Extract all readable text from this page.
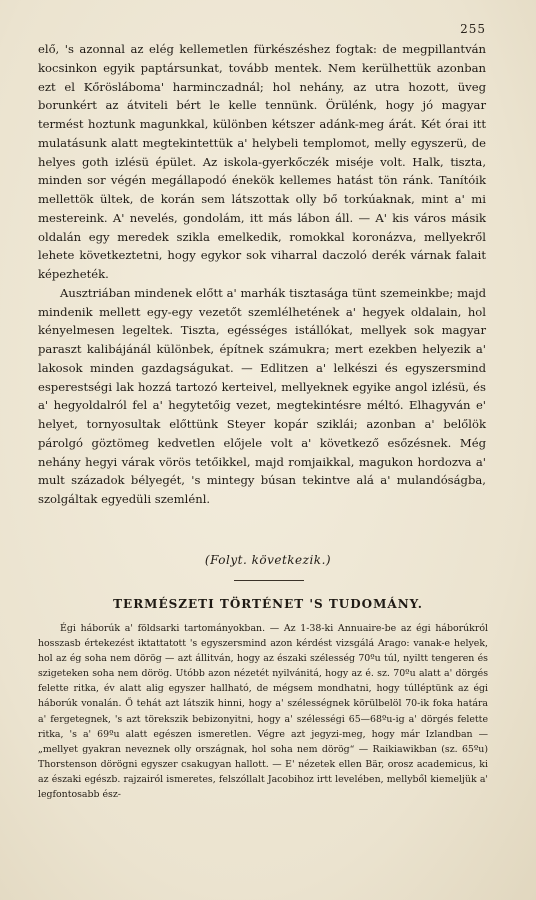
255

elő, 's azonnal az elég kellemetlen fürkészéshez fogtak: de megpillantván kocsinkon egyik paptársunkat, tovább mentek. Nem kerülhettük azonban ezt el Kőrösláboma' harminczadnál; hol nehány, az utra hozott, üveg borunkért az átviteli bért le kelle tennünk. Örülénk, hogy jó magyar termést hoztunk magunkkal, különben kétszer adánk-meg árát. Két órai itt mulatásunk alatt megtekintettük a' helybeli templomot, melly egyszerü, de helyes goth izlésü épület. Az iskola-gyerkőczék miséje volt. Halk, tiszta, minden sor végén megállapodó énekök kellemes hatást tön ránk. Tanítóik mellettök ültek, de korán sem látszottak olly bő torkúaknak, mint a' mi mestereink. A' nevelés, gondolám, itt más lábon áll. — A' kis város másik oldalán egy meredek szikla emelkedik, romokkal koronázva, mellyekről lehete következtetni, hogy egykor sok viharral daczoló derék várnak falait képezheték.

Ausztriában mindenek előtt a' marhák tisztasága tünt szemeinkbe; majd mindenik mellett egy-egy vezetőt szemlélhetének a' hegyek oldalain, hol kényelmesen legeltek. Tiszta, egésséges istállókat, mellyek sok magyar paraszt kalibájánál különbek, építnek számukra; mert ezekben helyezik a' lakosok minden gazdagságukat. — Edlitzen a' lelkészi és egyszersmind esperestségi lak hozzá tartozó kerteivel, mellyeknek egyike angol izlésü, és a' hegyoldalról fel a' hegytetőig vezet, megtekintésre méltó. Elhagyván e' helyet, tornyosultak előttünk Steyer kopár sziklái; azonban a' belőlök párolgó göztömeg kedvetlen előjele volt a' következő esőzésnek. Még nehány hegyi várak vörös tetőikkel, majd romjaikkal, magukon hordozva a' mult századok bélyegét, 's mintegy búsan tekintve alá a' mulandóságba, szolgáltak egyedüli szemlénl.

(Folyt. következik.)
TERMÉSZETI TÖRTÉNET 'S TUDOMÁNY.

Égi háborúk a' földsarki tartományokban. — Az 1-38-ki Annuaire-be az égi háborúkról hosszasb értekezést iktattatott 's egyszersmind azon kérdést vizsgálá Arago: vanak-e helyek, hol az ég soha nem dörög — azt állitván, hogy az északi szélesség 70ºu túl, nyiltt tengeren és szigeteken soha nem dörög. Utóbb azon nézetét nyilvánitá, hogy az é. sz. 70ºu alatt a' dörgés felette ritka, év alatt alig egyszer hallható, de mégsem mondhatni, hogy túlléptünk az égi háborúk vonalán. Ő tehát azt látszik hinni, hogy a' szélességnek körülbelöl 70-ik foka határa a' fergetegnek, 's azt törekszik bebizonyitni, hogy a' szélességi 65—68ºu-ig a' dörgés felette ritka, 's a' 69ºu alatt egészen ismeretlen. Végre azt jegyzi-meg, hogy már Izlandban — „mellyet gyakran neveznek olly országnak, hol soha nem dörög“ — Raikiawikban (sz. 65ºu) Thorstenson dörögni egyszer csakugyan hallott. — E' nézetek ellen Bär, orosz academicus, ki az északi egészb. rajzairól ismeretes, felszóllalt Jacobihoz irtt levelében, mellyből kiemeljük a' legfontosabb ész-
